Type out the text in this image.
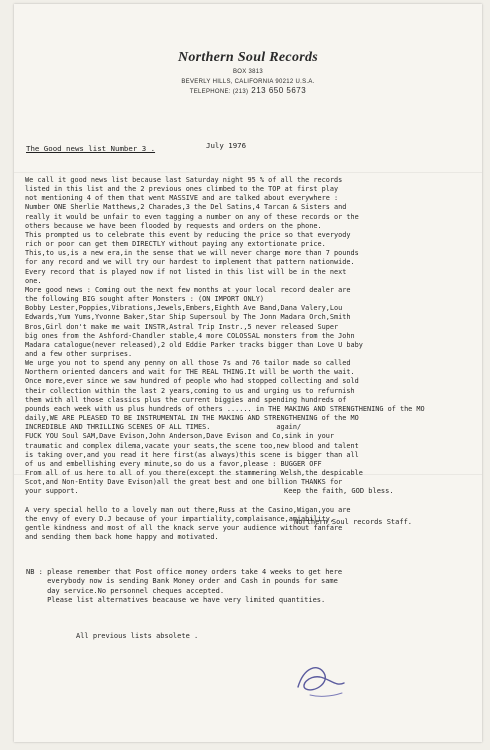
Northern Soul Records
BOX 3813
BEVERLY HILLS, CALIFORNIA 90212 U.S.A.
TELEPHONE: (213) 213 650 5673
The Good news list Number 3 .	July 1976
We call it good news list because last Saturday night 95 % of all the records
listed in this list and the 2 previous ones climbed to the TOP at first play
not mentioning 4 of them that went MASSIVE and are talked about everywhere :
Number ONE Sherlie Matthews,2 Charades,3 the Del Satins,4 Tarcan & Sisters and
really it would be unfair to even tagging a number on any of these records or the
others because we have been flooded by requests and orders on the phone.
This prompted us to celebrate this event by reducing the price so that everyody
rich or poor can get them DIRECTLY without paying any extortionate price.
This,to us,is a new era,in the sense that we will never charge more than 7 pounds
for any record and we will try our hardest to implement that pattern nationwide.
Every record that is played now if not listed in this list will be in the next
one.
More good news : Coming out the next few months at your local record dealer are
the following BIG sought after Monsters : (ON IMPORT ONLY)
Bobby Lester,Poppies,Vibrations,Jewels,Embers,Eighth Ave Band,Dana Valery,Lou
Edwards,Yum Yums,Yvonne Baker,Star Ship Supersoul by The Jonn Madara Orch,Smith
Bros,Girl don't make me wait INSTR,Astral Trip Instr.,5 never released Super
big ones from the Ashford-Chandler stable,4 more COLOSSAL monsters from the John
Madara catalogue(never released),2 old Eddie Parker tracks bigger than Love U baby
and a few other surprises.
We urge you not to spend any penny on all those 7s and 76 tailor made so called
Northern oriented dancers and wait for THE REAL THING.It will be worth the wait.
Once more,ever since we saw hundred of people who had stopped collecting and sold
their collection within the last 2 years,coming to us and urging us to refurnish
them with all those classics plus the current biggies and spending hundreds of
pounds each week with us plus hundreds of others ...... in THE MAKING AND STRENGTHENING of the MO
daily,WE ARE PLEASED TO BE INSTRUMENTAL IN THE MAKING AND STRENGTHENING of the MO
INCREDIBLE AND THRILLING SCENES OF ALL TIMES.                again/
FUCK YOU Soul SAM,Dave Evison,John Anderson,Dave Evison and Co,sink in your
traumatic and complex dilema,vacate your seats,the scene too,new blood and talent
is taking over,and you read it here first(as always)this scene is bigger than all
of us and embellishing every minute,so do us a favor,please : BUGGER OFF
From all of us here to all of you there(except the stammering Welsh,the despicable
Scot,and Non-Entity Dave Evison)all the great best and one billion THANKS for
your support.

A very special hello to a lovely man out there,Russ at the Casino,Wigan,you are
the envy of every D.J because of your impartiality,complaisance,amiability,
gentle kindness and most of all the knack serve your audience without fanfare
and sending them back home happy and motivated.
Keep the faith, GOD bless.
Northern Soul records Staff.
NB : please remember that Post office money orders take 4 weeks to get here
everybody now is sending Bank Money order and Cash in pounds for same
day service.No personnel cheques accepted.
Please list alternatives beacause we have very limited quantities.
All previous lists absolete .
